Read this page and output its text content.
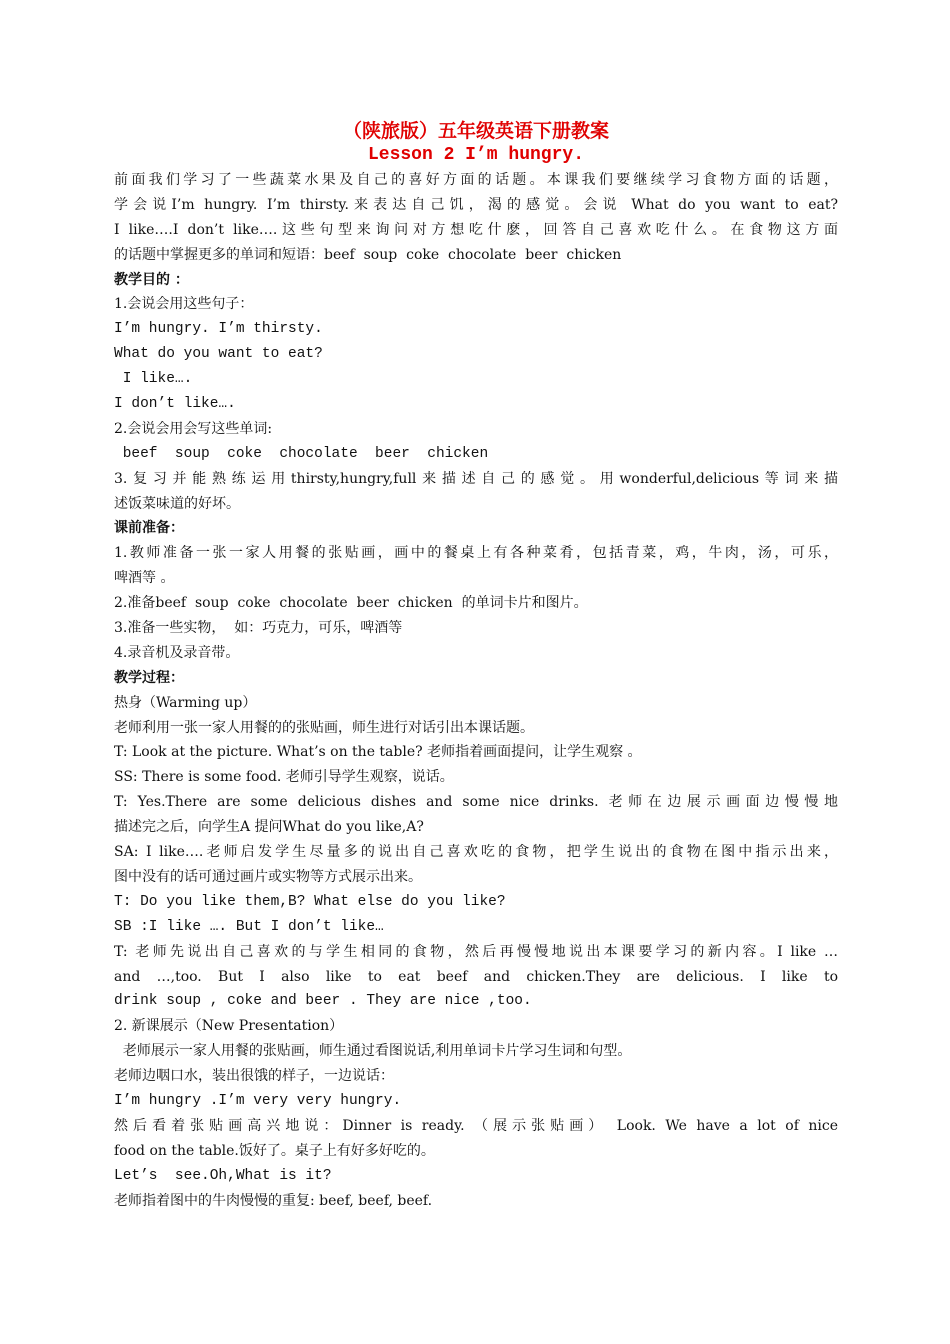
（陕旅版）五年级英语下册教案
Lesson 2 I’m hungry.
前面我们学习了一些蔬菜水果及自己的喜好方面的话题。本课我们要继续学习食物方面的话题，
学会说I’m hungry. I’m thirsty.来表达自己饥，渴的感觉。会说 What do you want to eat?
I like….I don’t like….这些句型来询问对方想吃什麽，回答自己喜欢吃什么。在食物这方面
的话题中掌握更多的单词和短语：beef  soup  coke  chocolate  beer  chicken
教学目的 ：
1.会说会用这些句子：
I’m hungry. I’m thirsty.
What do you want to eat?
I like….
I don’t like….
2.会说会用会写这些单词:
beef  soup  coke  chocolate  beer  chicken
3.复习并能熟练运用thirsty,hungry,full来描述自己的感觉。用wonderful,delicious等词来描
述饭菜味道的好坏。
课前准备：
1.教师准备一张一家人用餐的张贴画，画中的餐桌上有各种菜肴，包括青菜，鸡，牛肉，汤，可乐，
啤酒等 。
2.准备beef  soup  coke  chocolate  beer  chicken  的单词卡片和图片。
3.准备一些实物，  如：巧克力，可乐，啤酒等
4.录音机及录音带。
教学过程：
热身（Warming up）
老师利用一张一家人用餐的的张贴画，师生进行对话引出本课话题。
T: Look at the picture. What’s on the table? 老师指着画面提问，让学生观察 。
SS: There is some food. 老师引导学生观察，说话。
T: Yes.There are some delicious dishes and some nice drinks. 老师在边展示画面边慢慢地
描述完之后，向学生A 提问What do you like,A?
SA: I like….老师启发学生尽量多的说出自己喜欢吃的食物，把学生说出的食物在图中指示出来，
图中没有的话可通过画片或实物等方式展示出来。
T: Do you like them,B? What else do you like?
SB :I like …. But I don’t like…
T: 老师先说出自己喜欢的与学生相同的食物，然后再慢慢地说出本课要学习的新内容。I like …
and …,too. But I also like to eat beef and chicken.They are delicious. I like to
drink soup , coke and beer . They are nice ,too.
2. 新课展示（New Presentation）
老师展示一家人用餐的张贴画，师生通过看图说话,利用单词卡片学习生词和句型。
老师边咽口水，装出很饿的样子，一边说话：
I’m hungry .I’m very very hungry.
然后看着张贴画高兴地说：Dinner is ready. （展示张贴画） Look. We have a lot of nice
food on the table.饭好了。桌子上有好多好吃的。
Let’s  see.Oh,What is it?
老师指着图中的牛肉慢慢的重复: beef, beef, beef.
